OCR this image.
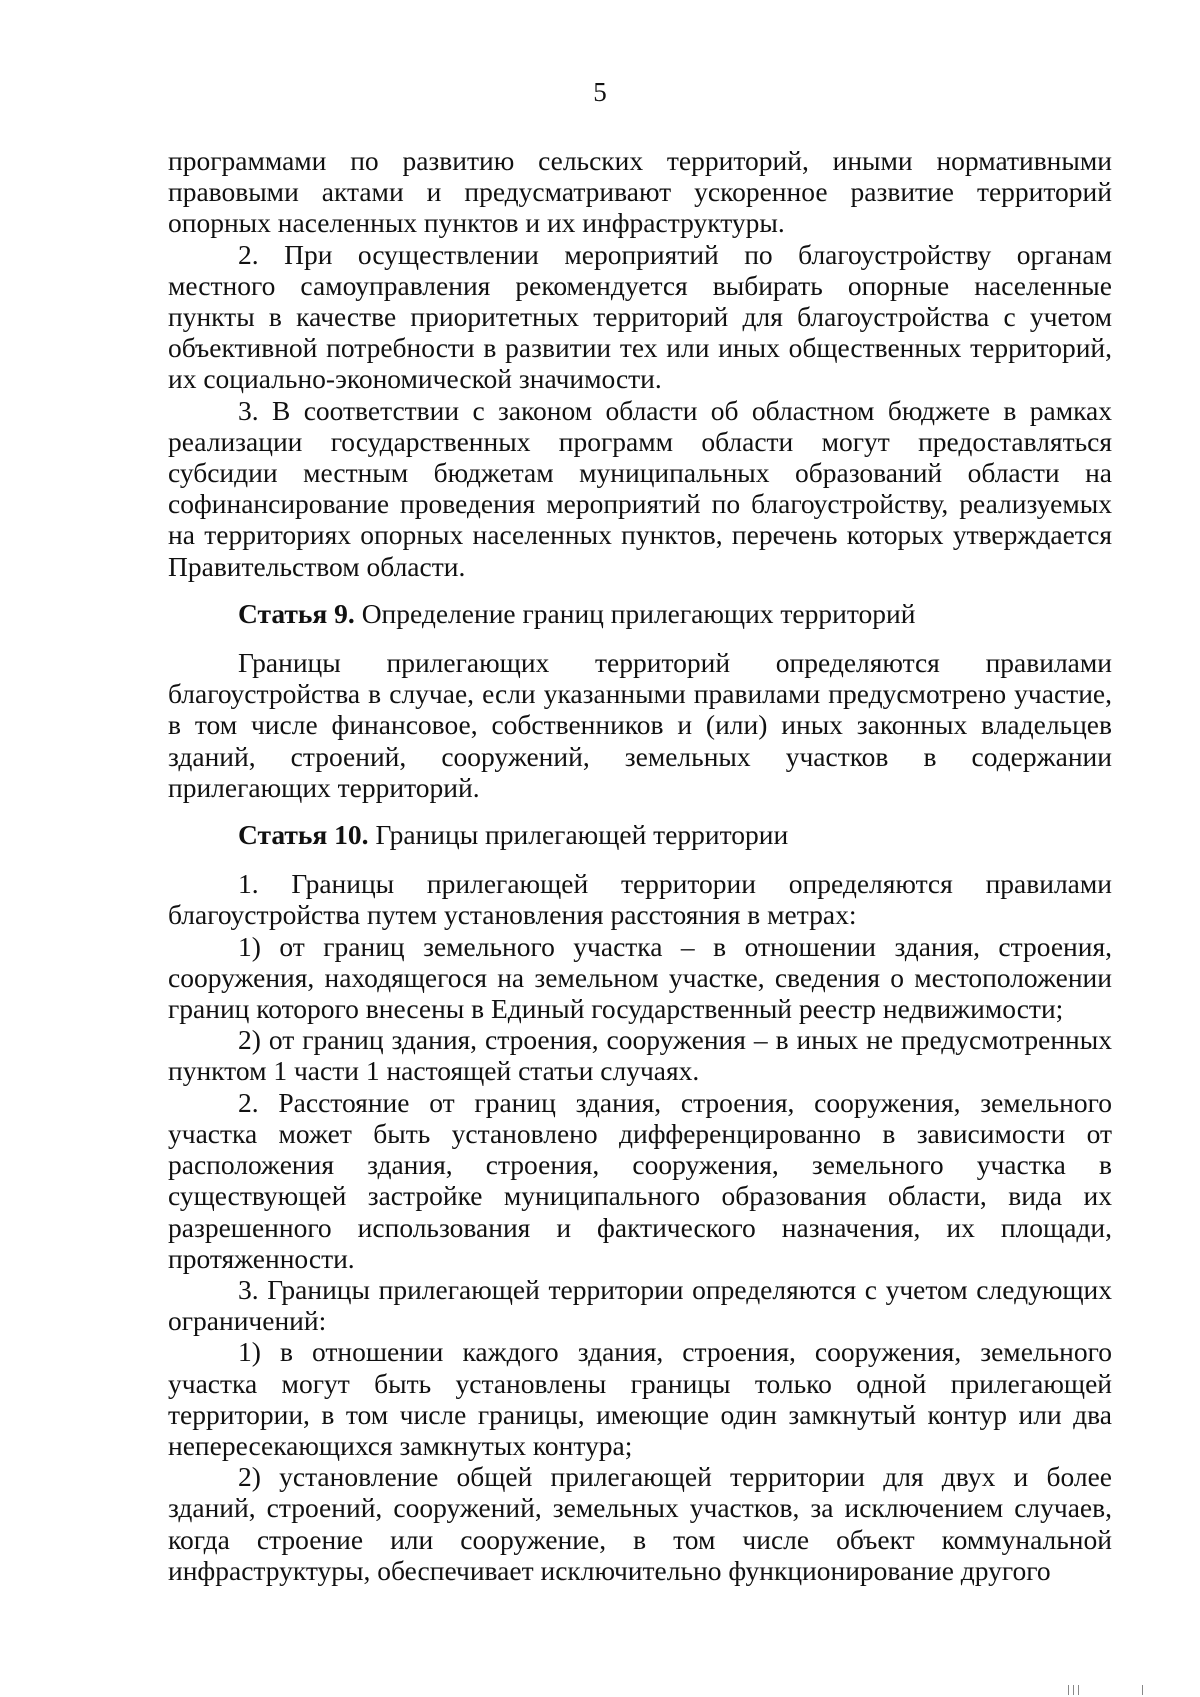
5

программами по развитию сельских территорий, иными нормативными правовыми актами и предусматривают ускоренное развитие территорий опорных населенных пунктов и их инфраструктуры.

2. При осуществлении мероприятий по благоустройству органам местного самоуправления рекомендуется выбирать опорные населенные пункты в качестве приоритетных территорий для благоустройства с учетом объективной потребности в развитии тех или иных общественных территорий, их социально-экономической значимости.

3. В соответствии с законом области об областном бюджете в рамках реализации государственных программ области могут предоставляться субсидии местным бюджетам муниципальных образований области на софинансирование проведения мероприятий по благоустройству, реализуемых на территориях опорных населенных пунктов, перечень которых утверждается Правительством области.

Статья 9. Определение границ прилегающих территорий

Границы прилегающих территорий определяются правилами благоустройства в случае, если указанными правилами предусмотрено участие, в том числе финансовое, собственников и (или) иных законных владельцев зданий, строений, сооружений, земельных участков в содержании прилегающих территорий.

Статья 10. Границы прилегающей территории

1. Границы прилегающей территории определяются правилами благоустройства путем установления расстояния в метрах:

1) от границ земельного участка – в отношении здания, строения, сооружения, находящегося на земельном участке, сведения о местоположении границ которого внесены в Единый государственный реестр недвижимости;

2) от границ здания, строения, сооружения – в иных не предусмотренных пунктом 1 части 1 настоящей статьи случаях.

2. Расстояние от границ здания, строения, сооружения, земельного участка может быть установлено дифференцированно в зависимости от расположения здания, строения, сооружения, земельного участка в существующей застройке муниципального образования области, вида их разрешенного использования и фактического назначения, их площади, протяженности.

3. Границы прилегающей территории определяются с учетом следующих ограничений:

1) в отношении каждого здания, строения, сооружения, земельного участка могут быть установлены границы только одной прилегающей территории, в том числе границы, имеющие один замкнутый контур или два непересекающихся замкнутых контура;

2) установление общей прилегающей территории для двух и более зданий, строений, сооружений, земельных участков, за исключением случаев, когда строение или сооружение, в том числе объект коммунальной инфраструктуры, обеспечивает исключительно функционирование другого
